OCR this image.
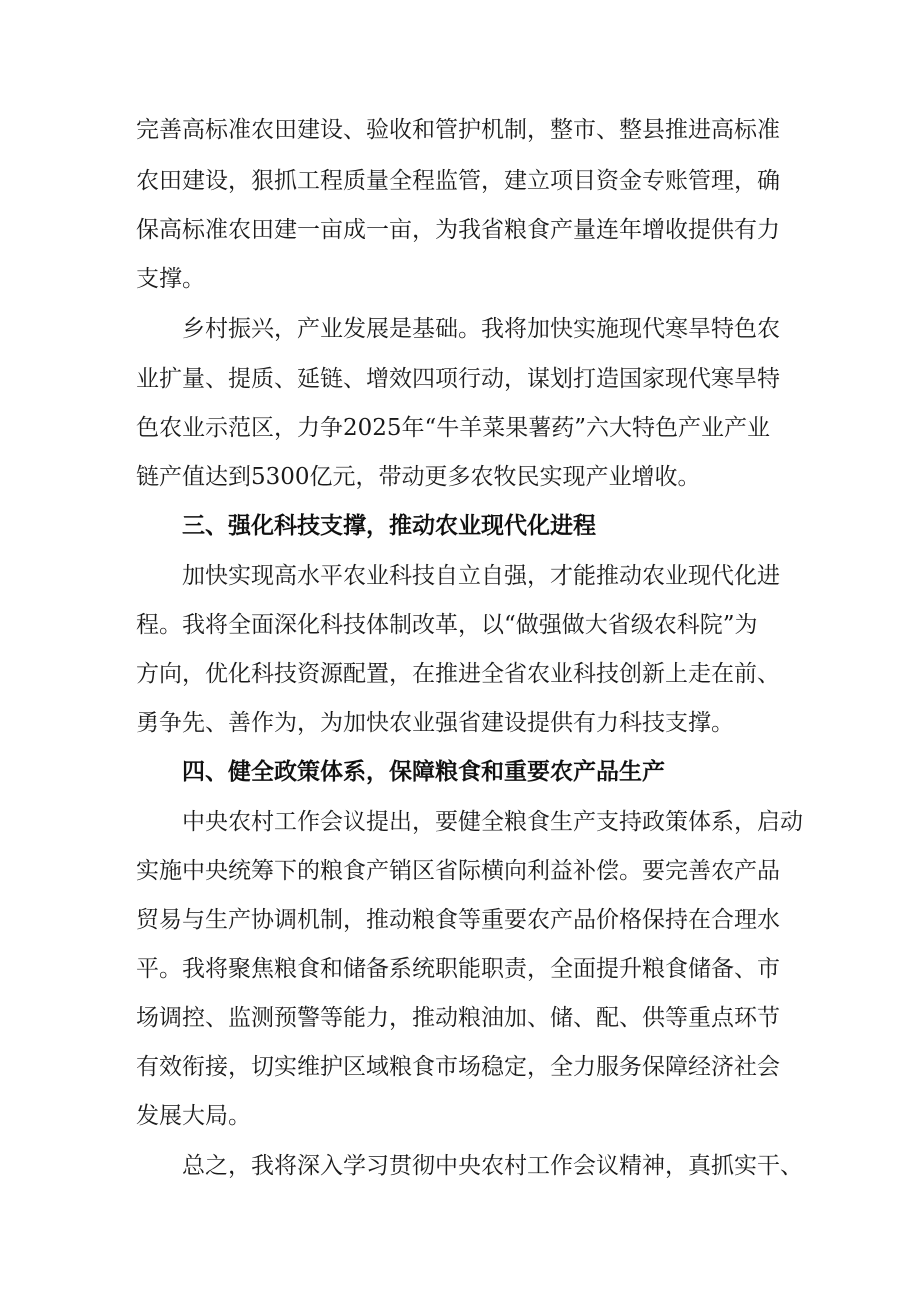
完善高标准农田建设、验收和管护机制，整市、整县推进高标准
农田建设，狠抓工程质量全程监管，建立项目资金专账管理，确
保高标准农田建一亩成一亩，为我省粮食产量连年增收提供有力
支撑。
乡村振兴，产业发展是基础。我将加快实施现代寒旱特色农
业扩量、提质、延链、增效四项行动，谋划打造国家现代寒旱特
色农业示范区，力争2025年“牛羊菜果薯药”六大特色产业产业
链产值达到5300亿元，带动更多农牧民实现产业增收。
三、强化科技支撑，推动农业现代化进程
加快实现高水平农业科技自立自强，才能推动农业现代化进
程。我将全面深化科技体制改革，以“做强做大省级农科院”为
方向，优化科技资源配置，在推进全省农业科技创新上走在前、
勇争先、善作为，为加快农业强省建设提供有力科技支撑。
四、健全政策体系，保障粮食和重要农产品生产
中央农村工作会议提出，要健全粮食生产支持政策体系，启动
实施中央统筹下的粮食产销区省际横向利益补偿。要完善农产品
贸易与生产协调机制，推动粮食等重要农产品价格保持在合理水
平。我将聚焦粮食和储备系统职能职责，全面提升粮食储备、市
场调控、监测预警等能力，推动粮油加、储、配、供等重点环节
有效衔接，切实维护区域粮食市场稳定，全力服务保障经济社会
发展大局。
总之，我将深入学习贯彻中央农村工作会议精神，真抓实干、
